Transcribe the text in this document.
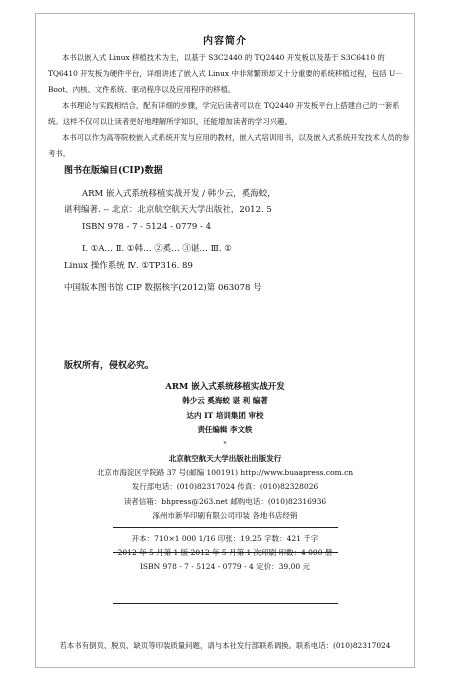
内容简介

本书以嵌入式 Linux 移植技术为主，以基于 S3C2440 的 TQ2440 开发板以及基于 S3C6410 的 TQ6410 开发板为硬件平台，详细讲述了嵌入式 Linux 中非常繁琐却又十分重要的系统移植过程，包括 U－Boot、内核、文件系统、驱动程序以及应用程序的移植。

本书理论与实践相结合，配有详细的步骤，学完后读者可以在 TQ2440 开发板平台上搭建自己的一套系统。这样不仅可以让读者更好地理解所学知识，还能增加读者的学习兴趣。

本书可以作为高等院校嵌入式系统开发与应用的教材，嵌入式培训用书，以及嵌入式系统开发技术人员的参考书。

图书在版编目(CIP)数据
ARM 嵌入式系统移植实战开发 / 韩少云，奚海蛟，
谌利编著. -- 北京：北京航空航天大学出版社，2012. 5
ISBN 978 - 7 - 5124 - 0779 - 4
Ⅰ. ①A… Ⅱ. ①韩… ②奚… ③谌… Ⅲ. ①
Linux 操作系统 Ⅳ. ①TP316. 89
中国版本图书馆 CIP 数据核字(2012)第 063078 号
版权所有，侵权必究。
ARM 嵌入式系统移植实战开发
韩少云 奚海蛟 谌 利 编著
达内 IT 培训集团 审校
责任编辑 李文轶
*
北京航空航天大学出版社出版发行
北京市海淀区学院路 37 号(邮编 100191) http://www.buaapress.com.cn
发行部电话：(010)82317024 传真：(010)82328026
读者信箱：bhpress@263.net 邮购电话：(010)82316936
涿州市新华印刷有限公司印装 各地书店经销
开本：710×1 000 1/16 印张：19.25 字数：421 千字
2012 年 5 月第 1 版 2012 年 5 月第 1 次印刷 印数：4 000 册
ISBN 978 - 7 - 5124 - 0779 - 4 定价：39.00 元
若本书有倒页、脱页、缺页等印装质量问题，请与本社发行部联系调换。联系电话：(010)82317024
